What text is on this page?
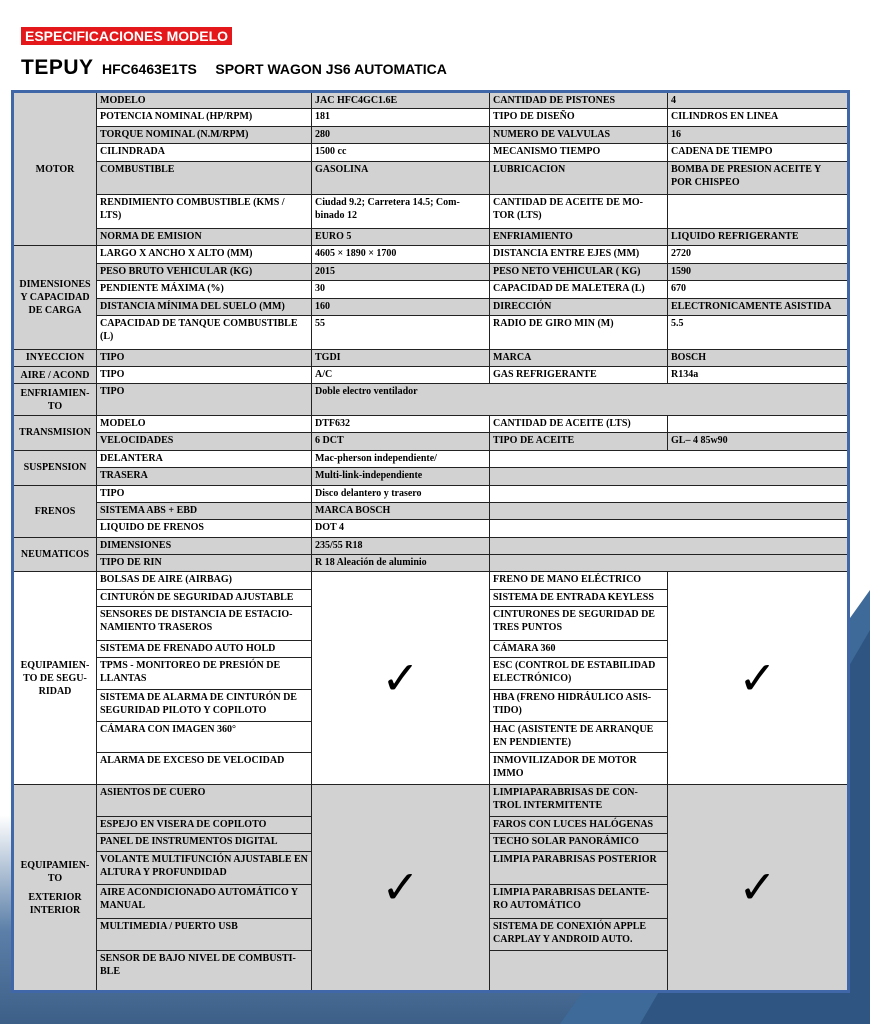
ESPECIFICACIONES MODELO
TEPUY HFC6463E1TS SPORT WAGON JS6 AUTOMATICA
MOTOR	MODELO	JAC HFC4GC1.6E	CANTIDAD DE PISTONES	4
	POTENCIA NOMINAL (HP/RPM)	181	TIPO DE DISEÑO	CILINDROS EN LINEA
	TORQUE NOMINAL (N.M/RPM)	280	NUMERO DE VALVULAS	16
	CILINDRADA	1500 cc	MECANISMO TIEMPO	CADENA DE TIEMPO
	COMBUSTIBLE	GASOLINA	LUBRICACION	BOMBA DE PRESION ACEITE Y POR CHISPEO
	RENDIMIENTO COMBUSTIBLE (KMS / LTS)	Ciudad 9.2; Carretera 14.5; Com-binado 12	CANTIDAD DE ACEITE DE MO-TOR (LTS)	
	NORMA DE EMISION	EURO 5	ENFRIAMIENTO	LIQUIDO REFRIGERANTE
DIMENSIONES Y CAPACIDAD DE CARGA	LARGO X ANCHO X ALTO (MM)	4605 × 1890 × 1700	DISTANCIA ENTRE EJES (MM)	2720
	PESO BRUTO VEHICULAR (KG)	2015	PESO NETO VEHICULAR ( KG)	1590
	PENDIENTE MÁXIMA (%)	30	CAPACIDAD DE MALETERA (L)	670
	DISTANCIA MÍNIMA DEL SUELO (MM)	160	DIRECCIÓN	ELECTRONICAMENTE ASISTIDA
	CAPACIDAD DE TANQUE COMBUSTIBLE (L)	55	RADIO DE GIRO MIN (M)	5.5
INYECCION	TIPO	TGDI	MARCA	BOSCH
AIRE / ACOND	TIPO	A/C	GAS REFRIGERANTE	R134a
ENFRIAMIEN-TO	TIPO	Doble electro ventilador		
TRANSMISION	MODELO	DTF632	CANTIDAD DE ACEITE (LTS)	
	VELOCIDADES	6 DCT	TIPO DE ACEITE	GL– 4 85w90
SUSPENSION	DELANTERA	Mac-pherson independiente/		
	TRASERA	Multi-link-independiente		
FRENOS	TIPO	Disco delantero y trasero		
	SISTEMA ABS + EBD	MARCA BOSCH		
	LIQUIDO DE FRENOS	DOT 4		
NEUMATICOS	DIMENSIONES	235/55 R18		
	TIPO DE RIN	R 18 Aleación de aluminio		
EQUIPAMIEN-TO DE SEGU-RIDAD	BOLSAS DE AIRE (AIRBAG)	✓	FRENO DE MANO ELÉCTRICO	✓
	CINTURÓN DE SEGURIDAD AJUSTABLE		SISTEMA DE ENTRADA KEYLESS	
	SENSORES DE DISTANCIA DE ESTACIO-NAMIENTO TRASEROS		CINTURONES DE SEGURIDAD DE TRES PUNTOS	
	SISTEMA DE FRENADO AUTO HOLD		CÁMARA 360	
	TPMS - MONITOREO DE PRESIÓN DE LLANTAS		ESC (CONTROL DE ESTABILIDAD ELECTRÓNICO)	
	SISTEMA DE ALARMA DE CINTURÓN DE SEGURIDAD PILOTO Y COPILOTO		HBA (FRENO HIDRÁULICO ASIS-TIDO)	
	CÁMARA CON IMAGEN 360°		HAC (ASISTENTE DE ARRANQUE EN PENDIENTE)	
	ALARMA DE EXCESO DE VELOCIDAD		INMOVILIZADOR DE MOTOR IMMO	

EQUIPAMIEN-TO
EXTERIOR INTERIOR	ASIENTOS DE CUERO	✓	LIMPIAPARABRISAS DE CON-TROL INTERMITENTE	✓
	ESPEJO EN VISERA DE COPILOTO		FAROS CON LUCES HALÓGENAS	
	PANEL DE INSTRUMENTOS DIGITAL		TECHO SOLAR PANORÁMICO	
	VOLANTE MULTIFUNCIÓN AJUSTABLE EN ALTURA Y PROFUNDIDAD		LIMPIA PARABRISAS POSTERIOR	
	AIRE ACONDICIONADO AUTOMÁTICO Y MANUAL		LIMPIA PARABRISAS DELANTE-RO AUTOMÁTICO	
	MULTIMEDIA / PUERTO USB		SISTEMA DE CONEXIÓN APPLE CARPLAY Y ANDROID AUTO.	
	SENSOR DE BAJO NIVEL DE COMBUSTI-BLE			
